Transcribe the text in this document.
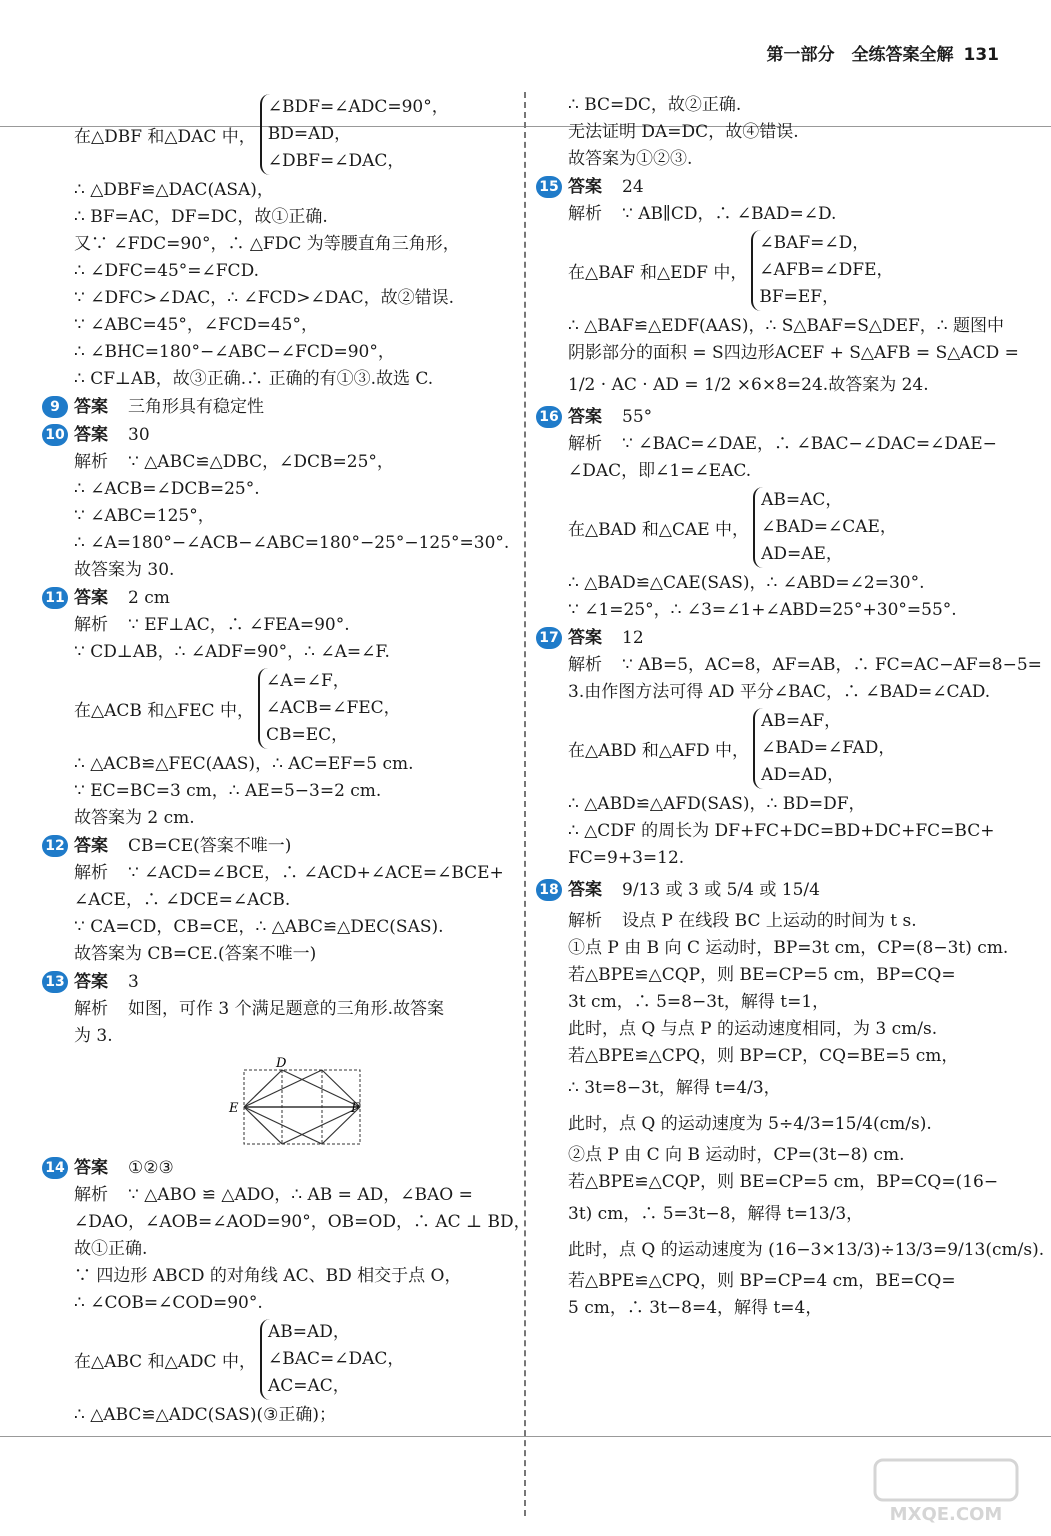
第一部分　全练答案全解 131
在△DBF 和△DAC 中，
∠BDF=∠ADC=90°，
BD=AD，
∠DBF=∠DAC，
∴ △DBF≌△DAC(ASA)，
∴ BF=AC，DF=DC，故①正确.
又∵ ∠FDC=90°，∴ △FDC 为等腰直角三角形，
∴ ∠DFC=45°=∠FCD.
∵ ∠DFC>∠DAC，∴ ∠FCD>∠DAC，故②错误.
∵ ∠ABC=45°，∠FCD=45°，
∴ ∠BHC=180°−∠ABC−∠FCD=90°，
∴ CF⊥AB，故③正确.∴ 正确的有①③.故选 C.
9 答案 三角形具有稳定性
10 答案 30
解析 ∵ △ABC≌△DBC，∠DCB=25°，
∴ ∠ACB=∠DCB=25°.
∵ ∠ABC=125°，
∴ ∠A=180°−∠ACB−∠ABC=180°−25°−125°=30°.
故答案为 30.
11 答案 2 cm
解析 ∵ EF⊥AC，∴ ∠FEA=90°.
∵ CD⊥AB，∴ ∠ADF=90°，∴ ∠A=∠F.
在△ACB 和△FEC 中，
∠A=∠F，
∠ACB=∠FEC，
CB=EC，
∴ △ACB≌△FEC(AAS)，∴ AC=EF=5 cm.
∵ EC=BC=3 cm，∴ AE=5−3=2 cm.
故答案为 2 cm.
12 答案 CB=CE(答案不唯一)
解析 ∵ ∠ACD=∠BCE，∴ ∠ACD+∠ACE=∠BCE+
∠ACE，∴ ∠DCE=∠ACB.
∵ CA=CD，CB=CE，∴ △ABC≌△DEC(SAS).
故答案为 CB=CE.(答案不唯一)
13 答案 3
解析 如图，可作 3 个满足题意的三角形.故答案
为 3.
D
E	F
14 答案 ①②③
解析 ∵ △ABO ≌ △ADO，∴ AB = AD，∠BAO =
∠DAO，∠AOB=∠AOD=90°，OB=OD，∴ AC ⊥ BD，
故①正确.
∵ 四边形 ABCD 的对角线 AC、BD 相交于点 O，
∴ ∠COB=∠COD=90°.
在△ABC 和△ADC 中，
AB=AD，
∠BAC=∠DAC，
AC=AC，
∴ △ABC≌△ADC(SAS)(③正确)；
∴ BC=DC，故②正确.
无法证明 DA=DC，故④错误.
故答案为①②③.
15 答案 24
解析 ∵ AB∥CD，∴ ∠BAD=∠D.
在△BAF 和△EDF 中，
∠BAF=∠D，
∠AFB=∠DFE，
BF=EF，
∴ △BAF≌△EDF(AAS)，∴ S△BAF=S△DEF，∴ 题图中
阴影部分的面积 = S四边形ACEF + S△AFB = S△ACD =
1/2 · AC · AD = 1/2 ×6×8=24.故答案为 24.
16 答案 55°
解析 ∵ ∠BAC=∠DAE，∴ ∠BAC−∠DAC=∠DAE−
∠DAC，即∠1=∠EAC.
在△BAD 和△CAE 中，
AB=AC，
∠BAD=∠CAE，
AD=AE，
∴ △BAD≌△CAE(SAS)，∴ ∠ABD=∠2=30°.
∵ ∠1=25°，∴ ∠3=∠1+∠ABD=25°+30°=55°.
17 答案 12
解析 ∵ AB=5，AC=8，AF=AB，∴ FC=AC−AF=8−5=
3.由作图方法可得 AD 平分∠BAC，∴ ∠BAD=∠CAD.
在△ABD 和△AFD 中，
AB=AF，
∠BAD=∠FAD，
AD=AD，
∴ △ABD≌△AFD(SAS)，∴ BD=DF，
∴ △CDF 的周长为 DF+FC+DC=BD+DC+FC=BC+
FC=9+3=12.
18 答案 9/13 或 3 或 5/4 或 15/4
解析 设点 P 在线段 BC 上运动的时间为 t s.
①点 P 由 B 向 C 运动时，BP=3t cm，CP=(8−3t) cm.
若△BPE≌△CQP，则 BE=CP=5 cm，BP=CQ=
3t cm，∴ 5=8−3t，解得 t=1，
此时，点 Q 与点 P 的运动速度相同，为 3 cm/s.
若△BPE≌△CPQ，则 BP=CP，CQ=BE=5 cm，
∴ 3t=8−3t，解得 t=4/3，
此时，点 Q 的运动速度为 5÷4/3=15/4(cm/s).
②点 P 由 C 向 B 运动时，CP=(3t−8) cm.
若△BPE≌△CQP，则 BE=CP=5 cm，BP=CQ=(16−
3t) cm，∴ 5=3t−8，解得 t=13/3，
此时，点 Q 的运动速度为 (16−3×13/3)÷13/3=9/13(cm/s).
若△BPE≌△CPQ，则 BP=CP=4 cm，BE=CQ=
5 cm，∴ 3t−8=4，解得 t=4，
MXQE.COM
